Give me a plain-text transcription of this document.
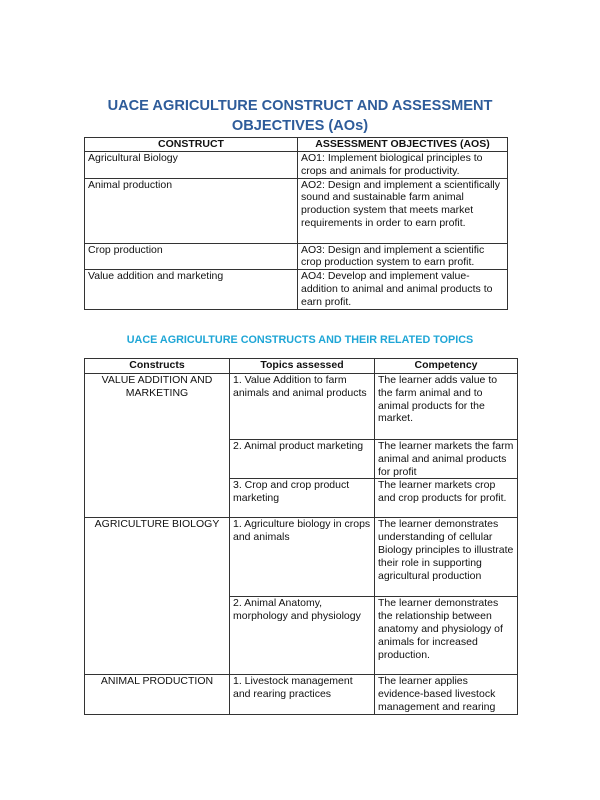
UACE AGRICULTURE CONSTRUCT AND ASSESSMENT OBJECTIVES (AOs)
CONSTRUCT	ASSESSMENT OBJECTIVES (AOS)
Agricultural Biology	AO1: Implement biological principles to crops and animals for productivity.
Animal production	AO2: Design and implement a scientifically sound and sustainable farm animal production system that meets market requirements in order to earn profit.
Crop production	AO3: Design and implement a scientific crop production system to earn profit.
Value addition and marketing	AO4: Develop and implement value-addition to animal and animal products to earn profit.
UACE AGRICULTURE CONSTRUCTS AND THEIR RELATED TOPICS
Constructs	Topics assessed	Competency
VALUE ADDITION AND MARKETING	1. Value Addition to farm animals and animal products	The learner adds value to the farm animal and to animal products for the market.
	2. Animal product marketing	The learner markets the farm animal and animal products for profit
	3. Crop and crop product marketing	The learner markets crop and crop products for profit.
AGRICULTURE BIOLOGY	1. Agriculture biology in crops and animals	The learner demonstrates understanding of cellular Biology principles to illustrate their role in supporting agricultural production
	2. Animal Anatomy, morphology and physiology	The learner demonstrates the relationship between anatomy and physiology of animals for increased production.
ANIMAL PRODUCTION	1. Livestock management and rearing practices	The learner applies evidence-based livestock management and rearing
